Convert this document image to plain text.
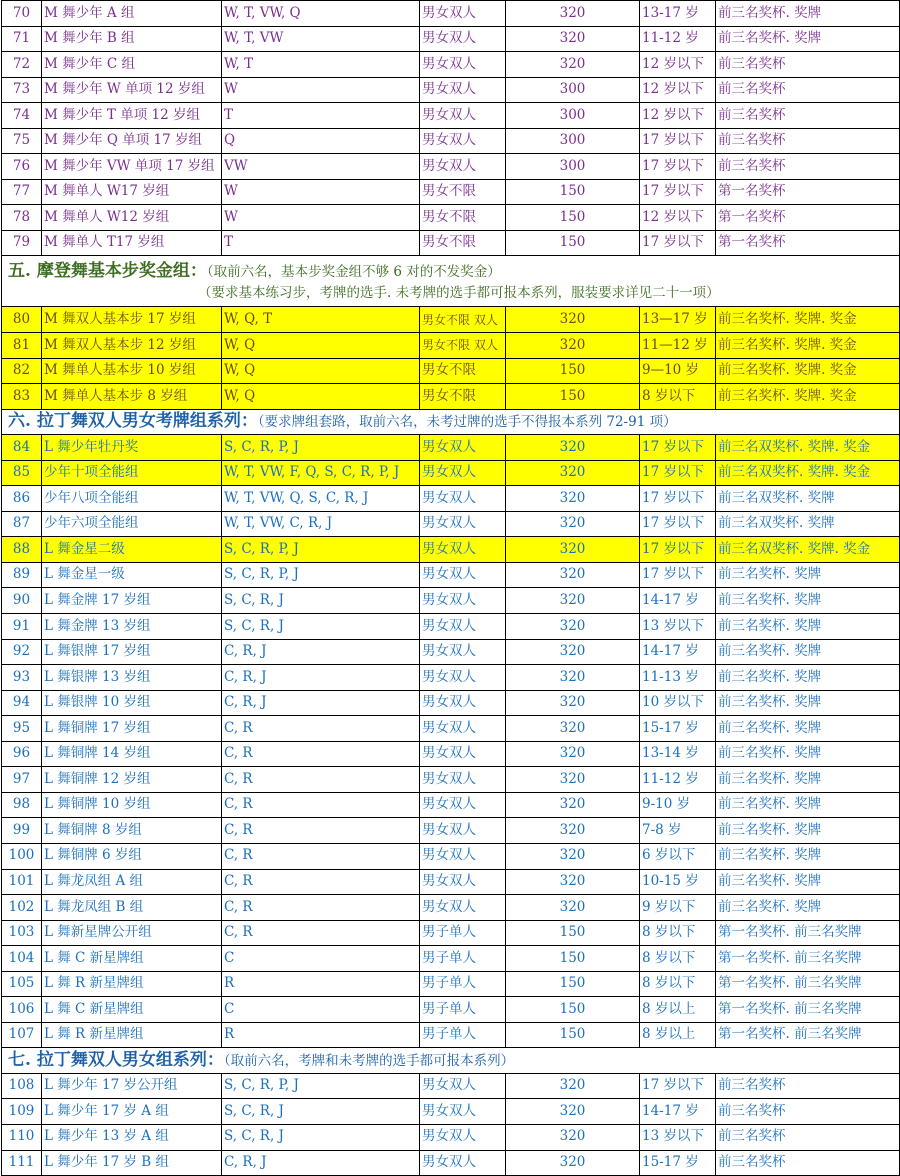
70	M 舞少年 A 组	W, T, VW, Q	男女双人	320	13-17 岁	前三名奖杯. 奖牌
71	M 舞少年 B 组	W, T, VW	男女双人	320	11-12 岁	前三名奖杯. 奖牌
72	M 舞少年 C 组	W, T	男女双人	320	12 岁以下	前三名奖杯
73	M 舞少年 W 单项 12 岁组	W	男女双人	300	12 岁以下	前三名奖杯
74	M 舞少年 T 单项 12 岁组	T	男女双人	300	12 岁以下	前三名奖杯
75	M 舞少年 Q 单项 17 岁组	Q	男女双人	300	17 岁以下	前三名奖杯
76	M 舞少年 VW 单项 17 岁组	VW	男女双人	300	17 岁以下	前三名奖杯
77	M 舞单人 W17 岁组	W	男女不限	150	17 岁以下	第一名奖杯
78	M 舞单人 W12 岁组	W	男女不限	150	12 岁以下	第一名奖杯
79	M 舞单人 T17 岁组	T	男女不限	150	17 岁以下	第一名奖杯
五. 摩登舞基本步奖金组：（取前六名，基本步奖金组不够 6 对的不发奖金）
（要求基本练习步，考牌的选手. 未考牌的选手都可报本系列，服装要求详见二十一项）						

80	M 舞双人基本步 17 岁组	W, Q, T	男女不限 双人	320	13—17 岁	前三名奖杯. 奖牌. 奖金
81	M 舞双人基本步 12 岁组	W, Q	男女不限 双人	320	11—12 岁	前三名奖杯. 奖牌. 奖金
82	M 舞单人基本步 10 岁组	W, Q	男女不限	150	9—10 岁	前三名奖杯. 奖牌. 奖金
83	M 舞单人基本步 8 岁组	W, Q	男女不限	150	8 岁以下	前三名奖杯. 奖牌. 奖金
六. 拉丁舞双人男女考牌组系列：（要求牌组套路，取前六名，未考过牌的选手不得报本系列 72-91 项）						
84	L 舞少年牡丹奖	S, C, R, P, J	男女双人	320	17 岁以下	前三名双奖杯. 奖牌. 奖金
85	少年十项全能组	W, T, VW, F, Q, S, C, R, P, J	男女双人	320	17 岁以下	前三名双奖杯. 奖牌. 奖金
86	少年八项全能组	W, T, VW, Q, S, C, R, J	男女双人	320	17 岁以下	前三名双奖杯. 奖牌
87	少年六项全能组	W, T, VW, C, R, J	男女双人	320	17 岁以下	前三名双奖杯. 奖牌
88	L 舞金星二级	S, C, R, P, J	男女双人	320	17 岁以下	前三名双奖杯. 奖牌. 奖金
89	L 舞金星一级	S, C, R, P, J	男女双人	320	17 岁以下	前三名奖杯. 奖牌
90	L 舞金牌 17 岁组	S, C, R, J	男女双人	320	14-17 岁	前三名奖杯. 奖牌
91	L 舞金牌 13 岁组	S, C, R, J	男女双人	320	13 岁以下	前三名奖杯. 奖牌
92	L 舞银牌 17 岁组	C, R, J	男女双人	320	14-17 岁	前三名奖杯. 奖牌
93	L 舞银牌 13 岁组	C, R, J	男女双人	320	11-13 岁	前三名奖杯. 奖牌
94	L 舞银牌 10 岁组	C, R, J	男女双人	320	10 岁以下	前三名奖杯. 奖牌
95	L 舞铜牌 17 岁组	C, R	男女双人	320	15-17 岁	前三名奖杯. 奖牌
96	L 舞铜牌 14 岁组	C, R	男女双人	320	13-14 岁	前三名奖杯. 奖牌
97	L 舞铜牌 12 岁组	C, R	男女双人	320	11-12 岁	前三名奖杯. 奖牌
98	L 舞铜牌 10 岁组	C, R	男女双人	320	9-10 岁	前三名奖杯. 奖牌
99	L 舞铜牌 8 岁组	C, R	男女双人	320	7-8 岁	前三名奖杯. 奖牌
100	L 舞铜牌 6 岁组	C, R	男女双人	320	6 岁以下	前三名奖杯. 奖牌
101	L 舞龙凤组 A 组	C, R	男女双人	320	10-15 岁	前三名奖杯. 奖牌
102	L 舞龙凤组 B 组	C, R	男女双人	320	9 岁以下	前三名奖杯. 奖牌
103	L 舞新星牌公开组	C, R	男子单人	150	8 岁以下	第一名奖杯. 前三名奖牌
104	L 舞 C 新星牌组	C	男子单人	150	8 岁以下	第一名奖杯. 前三名奖牌
105	L 舞 R 新星牌组	R	男子单人	150	8 岁以下	第一名奖杯. 前三名奖牌
106	L 舞 C 新星牌组	C	男子单人	150	8 岁以上	第一名奖杯. 前三名奖牌
107	L 舞 R 新星牌组	R	男子单人	150	8 岁以上	第一名奖杯. 前三名奖牌
七. 拉丁舞双人男女组系列：（取前六名，考牌和未考牌的选手都可报本系列）						
108	L 舞少年 17 岁公开组	S, C, R, P, J	男女双人	320	17 岁以下	前三名奖杯
109	L 舞少年 17 岁 A 组	S, C, R, J	男女双人	320	14-17 岁	前三名奖杯
110	L 舞少年 13 岁 A 组	S, C, R, J	男女双人	320	13 岁以下	前三名奖杯
111	L 舞少年 17 岁 B 组	C, R, J	男女双人	320	15-17 岁	前三名奖杯
